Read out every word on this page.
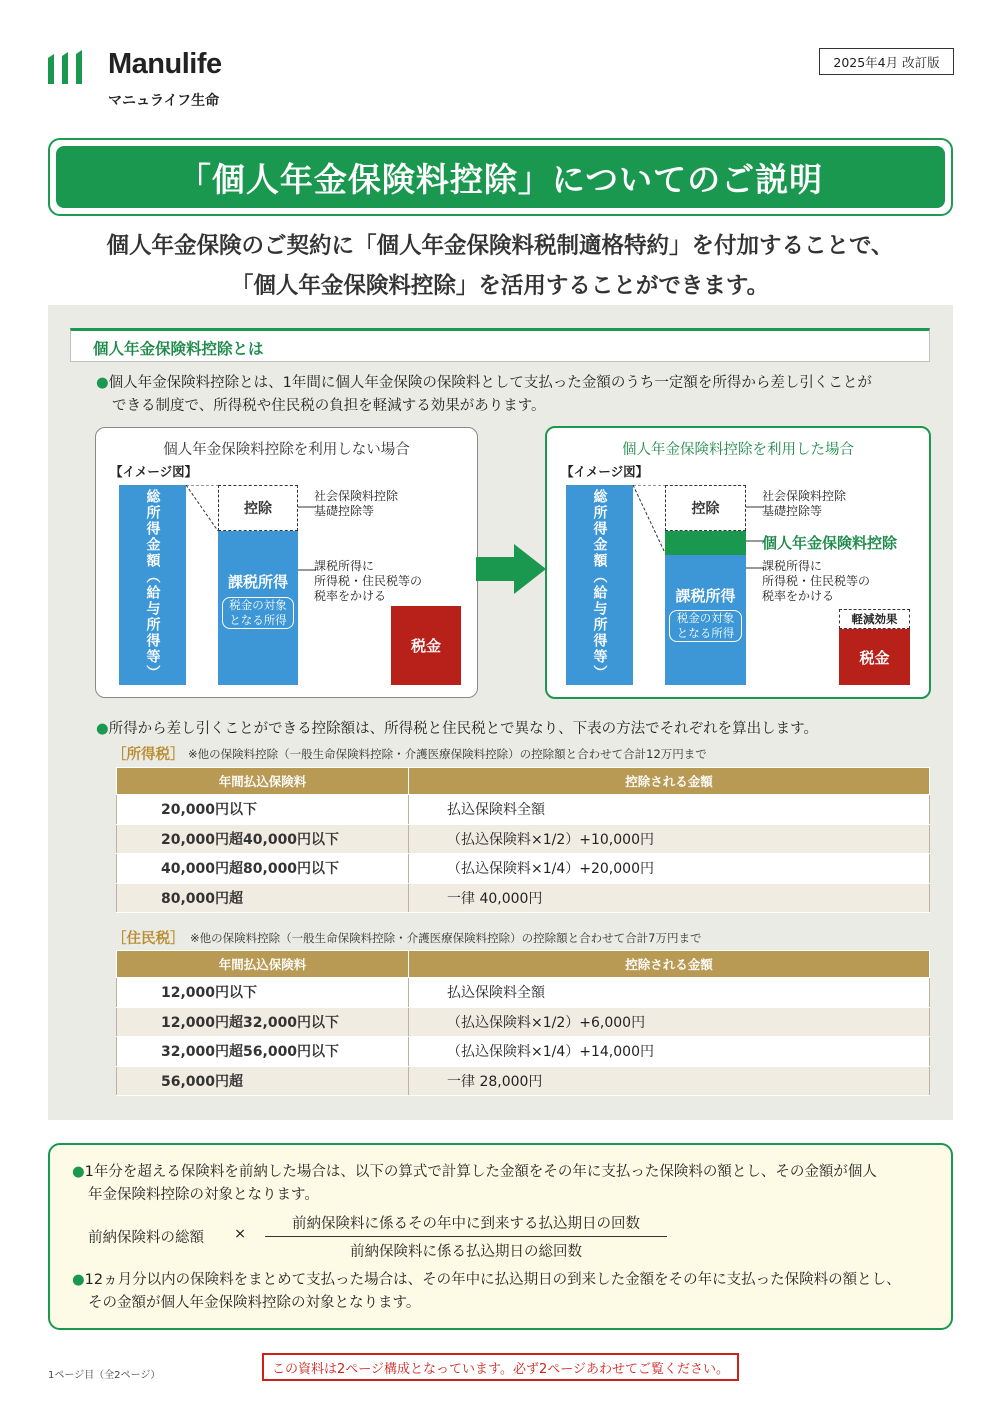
Manulife
マニュライフ生命
2025年4月 改訂版
「個人年金保険料控除」についてのご説明
個人年金保険のご契約に「個人年金保険料税制適格特約」を付加することで、
「個人年金保険料控除」を活用することができます。
個人年金保険料控除とは
●個人年金保険料控除とは、1年間に個人年金保険の保険料として支払った金額のうち一定額を所得から差し引くことが
できる制度で、所得税や住民税の負担を軽減する効果があります。
個人年金保険料控除を利用しない場合
【イメージ図】
総所得金額（給与所得等）	控除
課税所得
税金の対象
となる所得
社会保険料控除
基礎控除等
課税所得に
所得税・住民税等の
税率をかける
税金
個人年金保険料控除を利用した場合
【イメージ図】
総所得金額（給与所得等）	控除
課税所得
税金の対象
となる所得
社会保険料控除
基礎控除等
個人年金保険料控除
課税所得に
所得税・住民税等の
税率をかける
軽減効果
税金
●所得から差し引くことができる控除額は、所得税と住民税とで異なり、下表の方法でそれぞれを算出します。
［所得税］ ※他の保険料控除（一般生命保険料控除・介護医療保険料控除）の控除額と合わせて合計12万円まで
年間払込保険料	控除される金額
20,000円以下	払込保険料全額
20,000円超40,000円以下	（払込保険料×1/2）+10,000円
40,000円超80,000円以下	（払込保険料×1/4）+20,000円
80,000円超	一律 40,000円
［住民税］ ※他の保険料控除（一般生命保険料控除・介護医療保険料控除）の控除額と合わせて合計7万円まで
年間払込保険料	控除される金額
12,000円以下	払込保険料全額
12,000円超32,000円以下	（払込保険料×1/2）+6,000円
32,000円超56,000円以下	（払込保険料×1/4）+14,000円
56,000円超	一律 28,000円
●1年分を超える保険料を前納した場合は、以下の算式で計算した金額をその年に支払った保険料の額とし、その金額が個人
年金保険料控除の対象となります。
前納保険料の総額 ×
前納保険料に係るその年中に到来する払込期日の回数
前納保険料に係る払込期日の総回数
●12ヵ月分以内の保険料をまとめて支払った場合は、その年中に払込期日の到来した金額をその年に支払った保険料の額とし、
その金額が個人年金保険料控除の対象となります。
1ページ目（全2ページ）	この資料は2ページ構成となっています。必ず2ページあわせてご覧ください。
